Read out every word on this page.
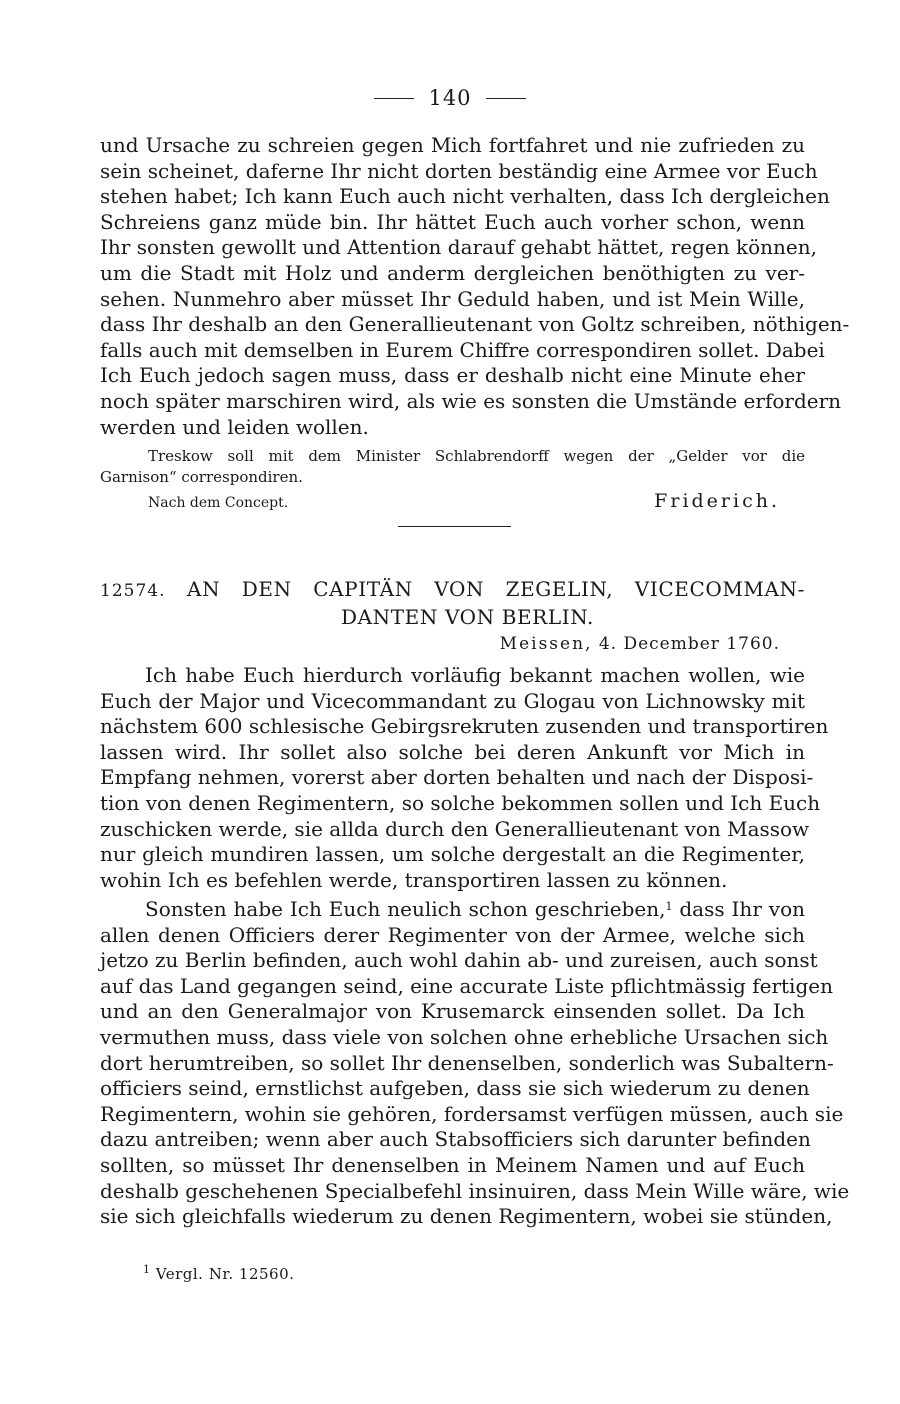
140
und Ursache zu schreien gegen Mich fortfahret und nie zufrieden zu
sein scheinet, daferne Ihr nicht dorten beständig eine Armee vor Euch
stehen habet; Ich kann Euch auch nicht verhalten, dass Ich dergleichen
Schreiens ganz müde bin. Ihr hättet Euch auch vorher schon, wenn
Ihr sonsten gewollt und Attention darauf gehabt hättet, regen können,
um die Stadt mit Holz und anderm dergleichen benöthigten zu ver-
sehen. Nunmehro aber müsset Ihr Geduld haben, und ist Mein Wille,
dass Ihr deshalb an den Generallieutenant von Goltz schreiben, nöthigen-
falls auch mit demselben in Eurem Chiffre correspondiren sollet. Dabei
Ich Euch jedoch sagen muss, dass er deshalb nicht eine Minute eher
noch später marschiren wird, als wie es sonsten die Umstände erfordern
werden und leiden wollen.
Treskow soll mit dem Minister Schlabrendorff wegen der „Gelder vor die
Garnison“ correspondiren.
Nach dem Concept.	Friderich.
12574. AN DEN CAPITÄN VON ZEGELIN, VICECOMMAN-
DANTEN VON BERLIN.
Meissen, 4. December 1760.
Ich habe Euch hierdurch vorläufig bekannt machen wollen, wie
Euch der Major und Vicecommandant zu Glogau von Lichnowsky mit
nächstem 600 schlesische Gebirgsrekruten zusenden und transportiren
lassen wird. Ihr sollet also solche bei deren Ankunft vor Mich in
Empfang nehmen, vorerst aber dorten behalten und nach der Disposi-
tion von denen Regimentern, so solche bekommen sollen und Ich Euch
zuschicken werde, sie allda durch den Generallieutenant von Massow
nur gleich mundiren lassen, um solche dergestalt an die Regimenter,
wohin Ich es befehlen werde, transportiren lassen zu können.
Sonsten habe Ich Euch neulich schon geschrieben,$^1$ dass Ihr von
allen denen Officiers derer Regimenter von der Armee, welche sich
jetzo zu Berlin befinden, auch wohl dahin ab- und zureisen, auch sonst
auf das Land gegangen seind, eine accurate Liste pflichtmässig fertigen
und an den Generalmajor von Krusemarck einsenden sollet. Da Ich
vermuthen muss, dass viele von solchen ohne erhebliche Ursachen sich
dort herumtreiben, so sollet Ihr denenselben, sonderlich was Subaltern-
officiers seind, ernstlichst aufgeben, dass sie sich wiederum zu denen
Regimentern, wohin sie gehören, fordersamst verfügen müssen, auch sie
dazu antreiben; wenn aber auch Stabsofficiers sich darunter befinden
sollten, so müsset Ihr denenselben in Meinem Namen und auf Euch
deshalb geschehenen Specialbefehl insinuiren, dass Mein Wille wäre, wie
sie sich gleichfalls wiederum zu denen Regimentern, wobei sie stünden,
$^1$ Vergl. Nr. 12560.
